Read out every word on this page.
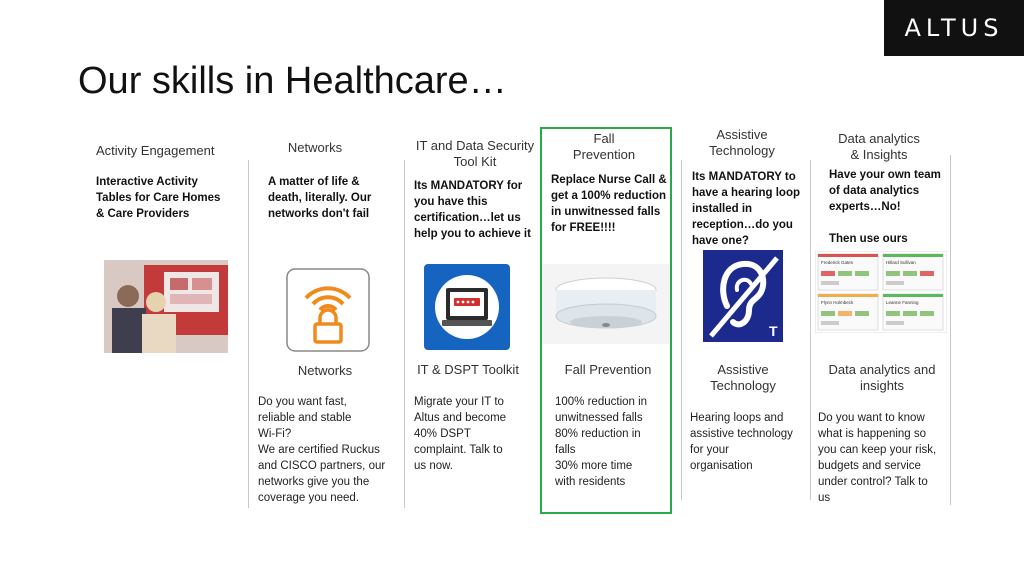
ALTUS
Our skills in Healthcare…
Activity Engagement
Interactive Activity
Tables for Care Homes
& Care Providers
Networks
A matter of life &
death, literally. Our
networks don't fail
Networks
Do you want fast,
reliable and stable
Wi-Fi?
We are certified Ruckus
and CISCO partners, our
networks give you the
coverage you need.
IT and Data Security
Tool Kit
Its MANDATORY for
you have this
certification…let us
help you to achieve it
IT & DSPT Toolkit
Migrate your IT to
Altus and become
40% DSPT
complaint. Talk to
us now.
Fall
Prevention
Replace Nurse Call &
get a 100% reduction
in unwitnessed falls
for FREE!!!!
Fall Prevention
100% reduction in
unwitnessed falls
80% reduction in
falls
30% more time
with residents
Assistive
Technology
Its MANDATORY to
have a hearing loop
installed in
reception…do you
have one?
T
Assistive
Technology
Hearing loops and
assistive technology
for your
organisation
Data analytics
& Insights
Have your own team
of data analytics
experts…No!

Then use ours
Frederick Gates	Hillard Sullivan
Flynn Holmbeck	Leanne Fanning
Data analytics and
insights
Do you want to know
what is happening so
you can keep your risk,
budgets and service
under control? Talk to
us
